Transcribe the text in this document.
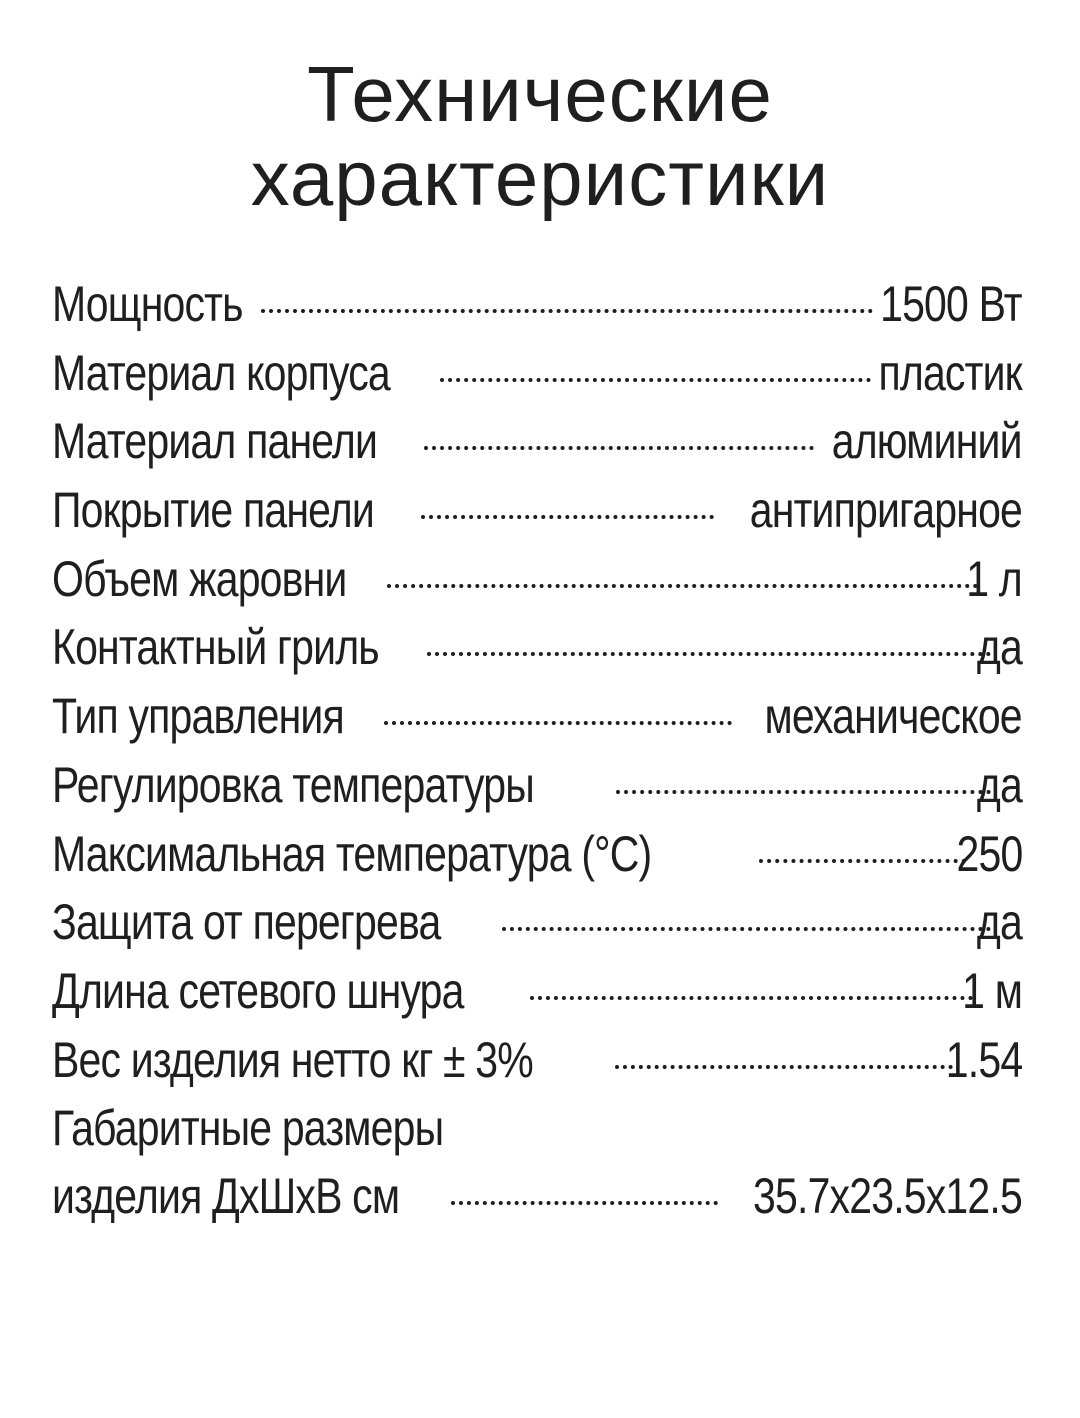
Технические
характеристики
Мощность	1500 Вт
Материал корпуса	пластик
Материал панели	алюминий
Покрытие панели	антипригарное
Объем жаровни	1 л
Контактный гриль	да
Тип управления	механическое
Регулировка температуры	да
Максимальная температура (°С)	250
Защита от перегрева	да
Длина сетевого шнура	1 м
Вес изделия нетто кг ± 3%	1.54
Габаритные размеры
изделия ДхШхВ см	35.7х23.5х12.5
